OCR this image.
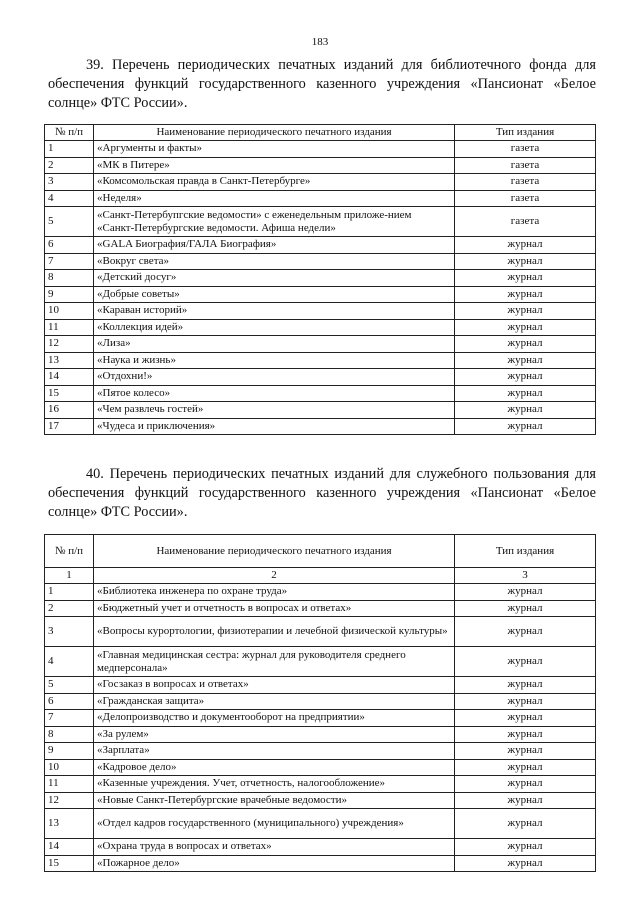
183
39. Перечень периодических печатных изданий для библиотечного фонда для обеспечения функций государственного казенного учреждения «Пансионат «Белое солнце» ФТС России».
№ п/п	Наименование периодического печатного издания	Тип издания
1	«Аргументы и факты»	газета
2	«МК в Питере»	газета
3	«Комсомольская правда в Санкт-Петербурге»	газета
4	«Неделя»	газета
5	«Санкт-Петербупгские ведомости» с еженедельным приложе-нием «Санкт-Петербургские ведомости. Афиша недели»	газета
6	«GALA Биография/ГАЛА Биография»	журнал
7	«Вокруг света»	журнал
8	«Детский досуг»	журнал
9	«Добрые советы»	журнал
10	«Караван историй»	журнал
11	«Коллекция идей»	журнал
12	«Лиза»	журнал
13	«Наука и жизнь»	журнал
14	«Отдохни!»	журнал
15	«Пятое колесо»	журнал
16	«Чем развлечь гостей»	журнал
17	«Чудеса и приключения»	журнал
40. Перечень периодических печатных изданий для служебного пользования для обеспечения функций государственного казенного учреждения «Пансионат «Белое солнце» ФТС России».
№ п/п	Наименование периодического печатного издания	Тип издания
1	2	3
1	«Библиотека инженера по охране труда»	журнал
2	«Бюджетный учет и отчетность в вопросах и ответах»	журнал
3	«Вопросы курортологии, физиотерапии и лечебной физической культуры»	журнал
4	«Главная медицинская сестра: журнал для руководителя среднего медперсонала»	журнал
5	«Госзаказ в вопросах и ответах»	журнал
6	«Гражданская защита»	журнал
7	«Делопроизводство и документооборот на предприятии»	журнал
8	«За рулем»	журнал
9	«Зарплата»	журнал
10	«Кадровое дело»	журнал
11	«Казенные учреждения. Учет, отчетность, налогообложение»	журнал
12	«Новые Санкт-Петербургские врачебные ведомости»	журнал
13	«Отдел кадров государственного (муниципального) учреждения»	журнал
14	«Охрана труда в вопросах и ответах»	журнал
15	«Пожарное дело»	журнал
